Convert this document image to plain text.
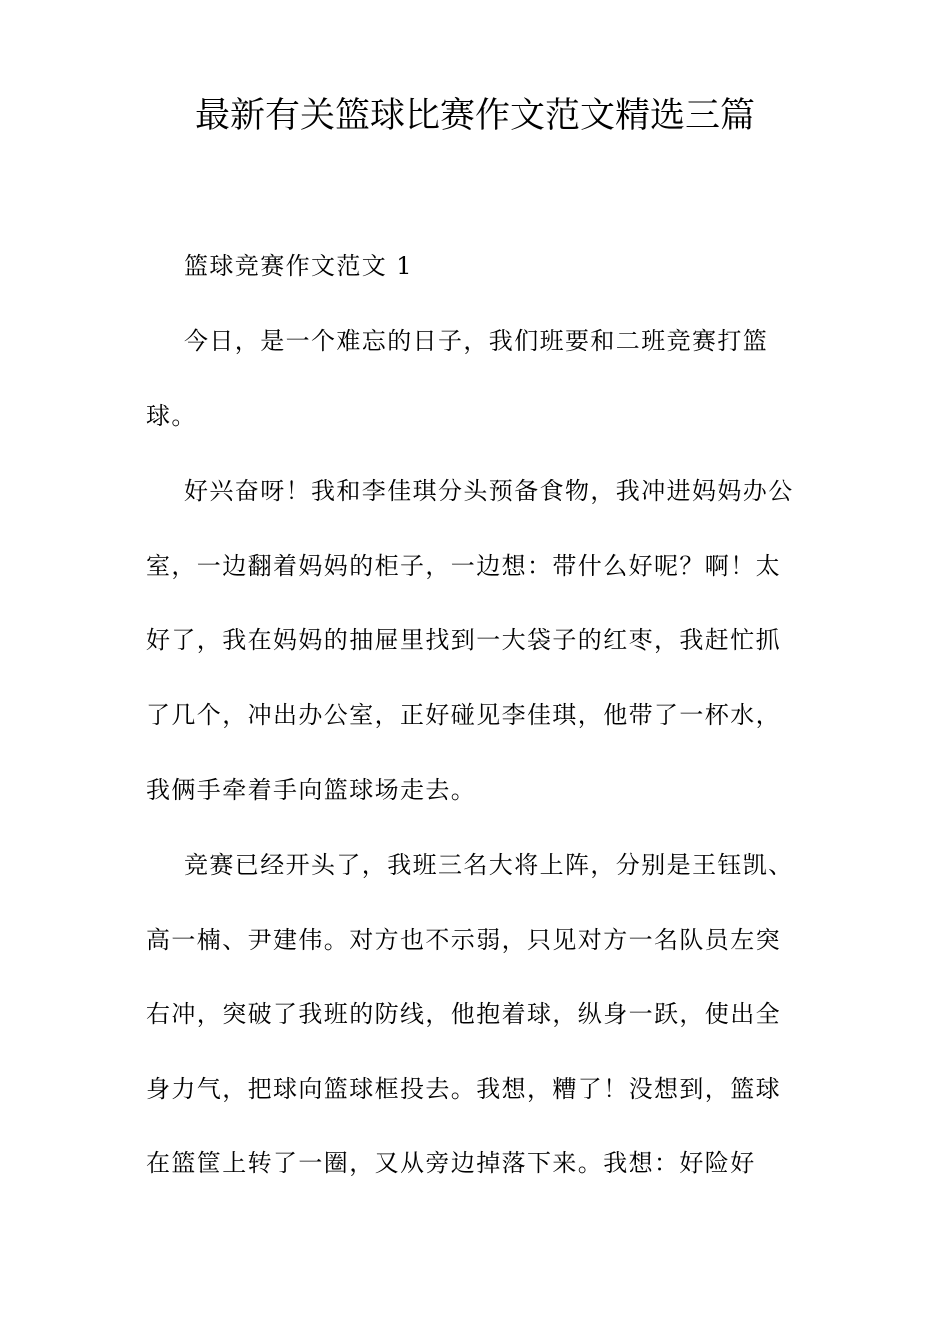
最新有关篮球比赛作文范文精选三篇
篮球竞赛作文范文 1
今日，是一个难忘的日子，我们班要和二班竞赛打篮
球。
好兴奋呀！我和李佳琪分头预备食物，我冲进妈妈办公
室，一边翻着妈妈的柜子，一边想：带什么好呢？啊！太
好了，我在妈妈的抽屉里找到一大袋子的红枣，我赶忙抓
了几个，冲出办公室，正好碰见李佳琪，他带了一杯水，
我俩手牵着手向篮球场走去。
竞赛已经开头了，我班三名大将上阵，分别是王钰凯、
高一楠、尹建伟。对方也不示弱，只见对方一名队员左突
右冲，突破了我班的防线，他抱着球，纵身一跃，使出全
身力气，把球向篮球框投去。我想，糟了！没想到，篮球
在篮筐上转了一圈，又从旁边掉落下来。我想：好险好
